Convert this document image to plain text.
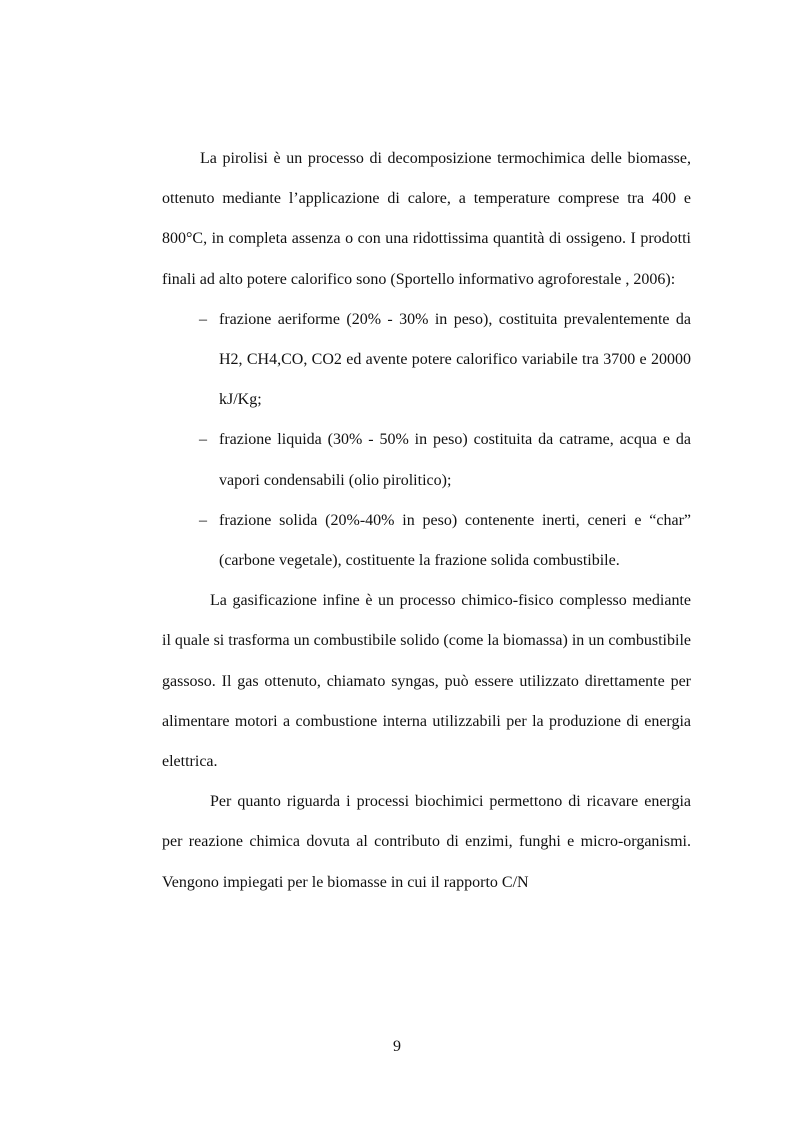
La pirolisi è un processo di decomposizione termochimica delle biomasse, ottenuto mediante l’applicazione di calore, a temperature comprese tra 400 e 800°C, in completa assenza o con una ridottissima quantità di ossigeno. I prodotti finali ad alto potere calorifico sono (Sportello informativo agroforestale , 2006):

– frazione aeriforme (20% - 30% in peso), costituita prevalentemente da H2, CH4,CO, CO2 ed avente potere calorifico variabile tra 3700 e 20000 kJ/Kg;
– frazione liquida (30% - 50% in peso) costituita da catrame, acqua e da vapori condensabili (olio pirolitico);
– frazione solida (20%-40% in peso) contenente inerti, ceneri e “char” (carbone vegetale), costituente la frazione solida combustibile.

La gasificazione infine è un processo chimico-fisico complesso mediante il quale si trasforma un combustibile solido (come la biomassa) in un combustibile gassoso. Il gas ottenuto, chiamato syngas, può essere utilizzato direttamente per alimentare motori a combustione interna utilizzabili per la produzione di energia elettrica.

Per quanto riguarda i processi biochimici permettono di ricavare energia per reazione chimica dovuta al contributo di enzimi, funghi e micro-organismi. Vengono impiegati per le biomasse in cui il rapporto C/N

9
